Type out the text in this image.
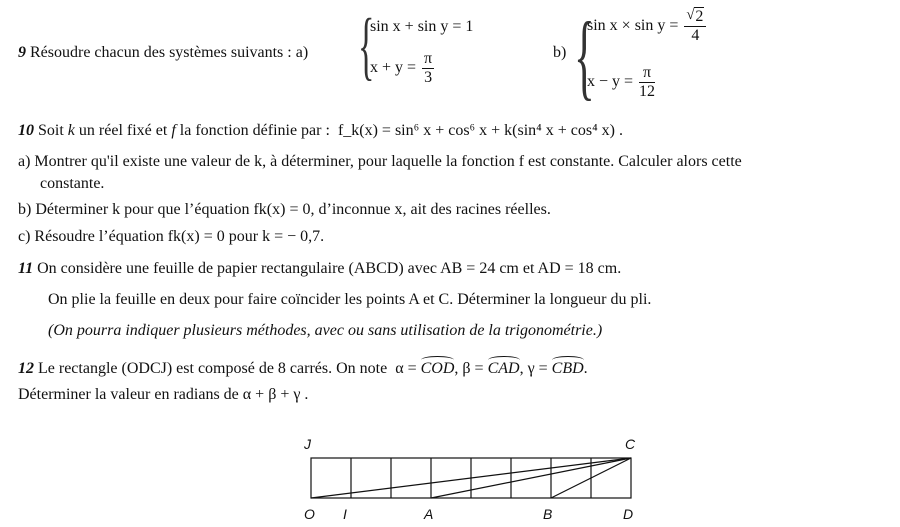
9 Résoudre chacun des systèmes suivants : a) {
sin x + sin y = 1
$x + y = \frac{\pi}{3}$	b) {
$\sin x \times \sin y = \frac{√ 2}{4}$
$x - y = \frac{\pi}{12}$
10 Soit k un réel fixé et f la fonction définie par : f_k(x) = sin⁶ x + cos⁶ x + k(sin⁴ x + cos⁴ x) .
a) Montrer qu'il existe une valeur de k, à déterminer, pour laquelle la fonction f est constante. Calculer alors cette
constante.
b) Déterminer k pour que l’équation fk(x) = 0, d’inconnue x, ait des racines réelles.
c) Résoudre l’équation fk(x) = 0 pour k = − 0,7.
11 On considère une feuille de papier rectangulaire (ABCD) avec AB = 24 cm et AD = 18 cm.
On plie la feuille en deux pour faire coïncider les points A et C. Déterminer la longueur du pli.
(On pourra indiquer plusieurs méthodes, avec ou sans utilisation de la trigonométrie.)
12 Le rectangle (ODCJ) est composé de 8 carrés. On note α = COD, β = CAD, γ = CBD.
Déterminer la valeur en radians de α + β + γ .
J	C
O I	A	B	D
